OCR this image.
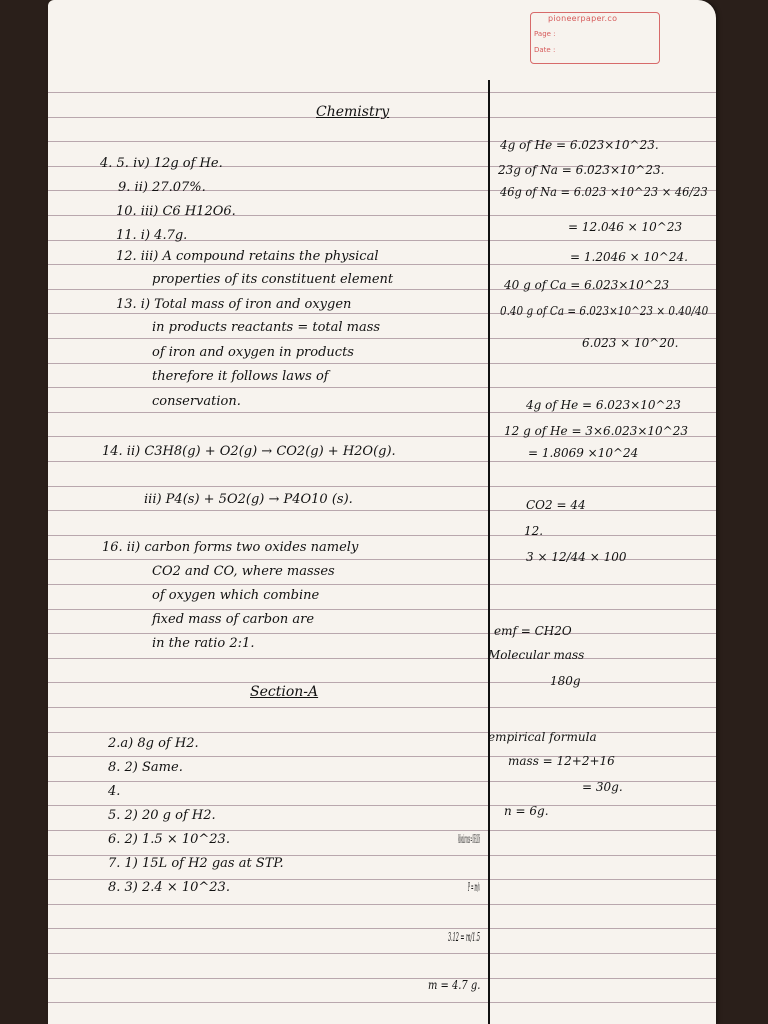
pioneerpaper.co
Page :
Date :
Chemistry
4. 5. iv) 12g of He.
9. ii) 27.07%.
10. iii) C6 H12O6.
11. i) 4.7g.
12. iii) A compound retains the physical
properties of its constituent element
13. i) Total mass of iron and oxygen
in products reactants = total mass
of iron and oxygen in products
therefore it follows laws of
conservation.
14. ii) C3H8(g) + O2(g) → CO2(g) + H2O(g).
iii) P4(s) + 5O2(g) → P4O10 (s).
16. ii) carbon forms two oxides namely
CO2 and CO, where masses
of oxygen which combine
fixed mass of carbon are
in the ratio 2:1.
Section-A
2.a) 8g of H2.
8. 2) Same.
4.
5. 2) 20 g of H2.
6. 2) 1.5 × 10^23.
7. 1) 15L of H2 gas at STP.
8. 3) 2.4 × 10^23.
4g of He = 6.023×10^23.
23g of Na = 6.023×10^23.
46g of Na = 6.023 ×10^23 × 46/23
= 12.046 × 10^23
= 1.2046 × 10^24.
40 g of Ca = 6.023×10^23
0.40 g of Ca = 6.023×10^23 × 0.40/40
6.023 × 10^20.
4g of He = 6.023×10^23
12 g of He = 3×6.023×10^23
= 1.8069 ×10^24
CO2 = 44
12.
3 × 12/44 × 100
emf = CH2O
Molecular mass
180g
empirical formula
mass = 12+2+16
= 30g.
n = 6g.
Molecular mass = C6H12O6
P = m/v
3.12 = m/1.5
m = 4.7 g.
